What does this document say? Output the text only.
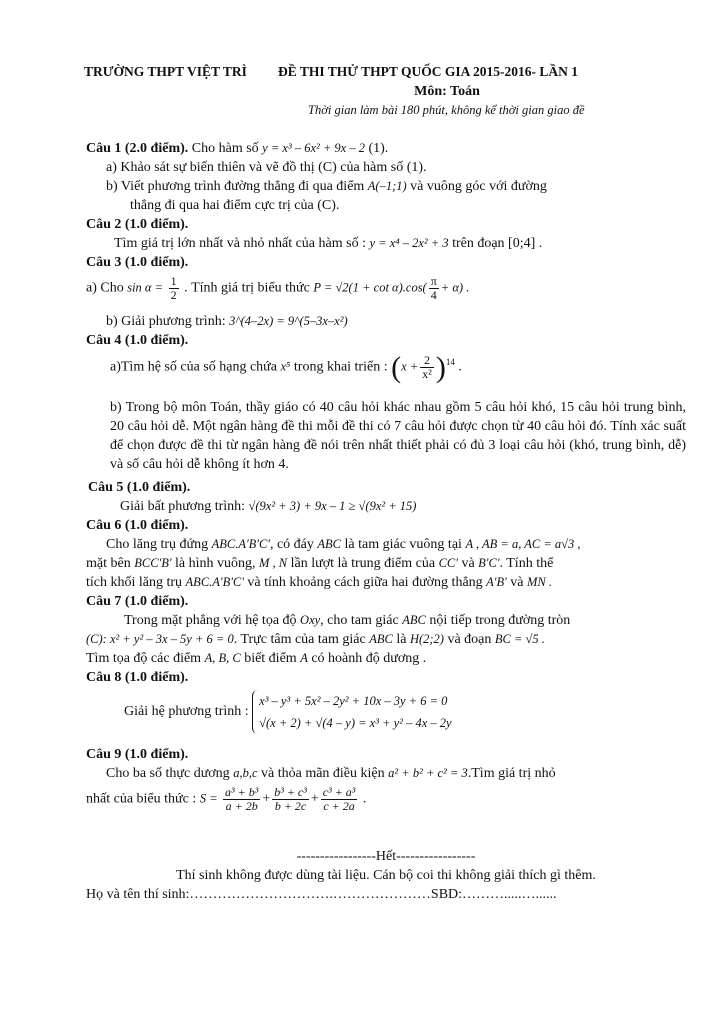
TRƯỜNG THPT VIỆT TRÌ ĐỀ THI THỬ THPT QUỐC GIA 2015-2016- LẦN 1
Môn: Toán
Thời gian làm bài 180 phút, không kể thời gian giao đề
Câu 1 (2.0 điểm). Cho hàm số y = x³ – 6x² + 9x – 2 (1).
a) Khảo sát sự biến thiên và vẽ đồ thị (C) của hàm số (1).
b) Viết phương trình đường thẳng đi qua điểm A(–1;1) và vuông góc với đường
thẳng đi qua hai điểm cực trị của (C).
Câu 2 (1.0 điểm).
Tìm giá trị lớn nhất và nhỏ nhất của hàm số : y = x⁴ – 2x² + 3 trên đoạn [0;4] .
Câu 3 (1.0 điểm).
a) Cho $\sin \alpha = \frac{1}{2}$ . Tính giá trị biểu thức $P = √2(1 + \cot \alpha).\cos( \frac{\pi}{4} + \alpha)$ .
b) Giải phương trình: 3^(4–2x) = 9^(5–3x–x²)
Câu 4 (1.0 điểm).
a)Tìm hệ số của số hạng chứa x⁵ trong khai triển : $(x + \frac{2}{\text{x²}} )^{14}$ .
b) Trong bộ môn Toán, thầy giáo có 40 câu hỏi khác nhau gồm 5 câu hỏi khó, 15 câu hỏi trung bình, 20 câu hỏi dễ. Một ngân hàng đề thi mỗi đề thi có 7 câu hỏi được chọn từ 40 câu hỏi đó. Tính xác suất để chọn được đề thi từ ngân hàng đề nói trên nhất thiết phải có đủ 3 loại câu hỏi (khó, trung bình, dễ) và số câu hỏi dễ không ít hơn 4.
Câu 5 (1.0 điểm).
Giải bất phương trình: √(9x² + 3) + 9x – 1 ≥ √(9x² + 15)
Câu 6 (1.0 điểm).
Cho lăng trụ đứng ABC.A'B'C', có đáy ABC là tam giác vuông tại A , AB = a, AC = a√3 ,
mặt bên BCC'B' là hình vuông, M , N lần lượt là trung điểm của CC' và B'C'. Tính thể
tích khối lăng trụ ABC.A'B'C' và tính khoảng cách giữa hai đường thẳng A'B' và MN .
Câu 7 (1.0 điểm).
Trong mặt phẳng với hệ tọa độ Oxy, cho tam giác ABC nội tiếp trong đường tròn
(C): x² + y² – 3x – 5y + 6 = 0. Trực tâm của tam giác ABC là H(2;2) và đoạn BC = √5 .
Tìm tọa độ các điểm A, B, C biết điểm A có hoành độ dương .
Câu 8 (1.0 điểm).
Giải hệ phương trình :
x³ – y³ + 5x² – 2y² + 10x – 3y + 6 = 0
√(x + 2) + √(4 – y) = x³ + y² – 4x – 2y
Câu 9 (1.0 điểm).
Cho ba số thực dương a,b,c và thỏa mãn điều kiện a² + b² + c² = 3.Tìm giá trị nhỏ
nhất của biểu thức : $S = \frac{\text{a³ + b³}}{a + 2b} + \frac{\text{b³ + c³}}{b + 2c} + \frac{\text{c³ + a³}}{c + 2a}$ .
-----------------Hết-----------------
Thí sinh không được dùng tài liệu. Cán bộ coi thi không giải thích gì thêm.
Họ và tên thí sinh:………………………….…………………SBD:……….....…......
